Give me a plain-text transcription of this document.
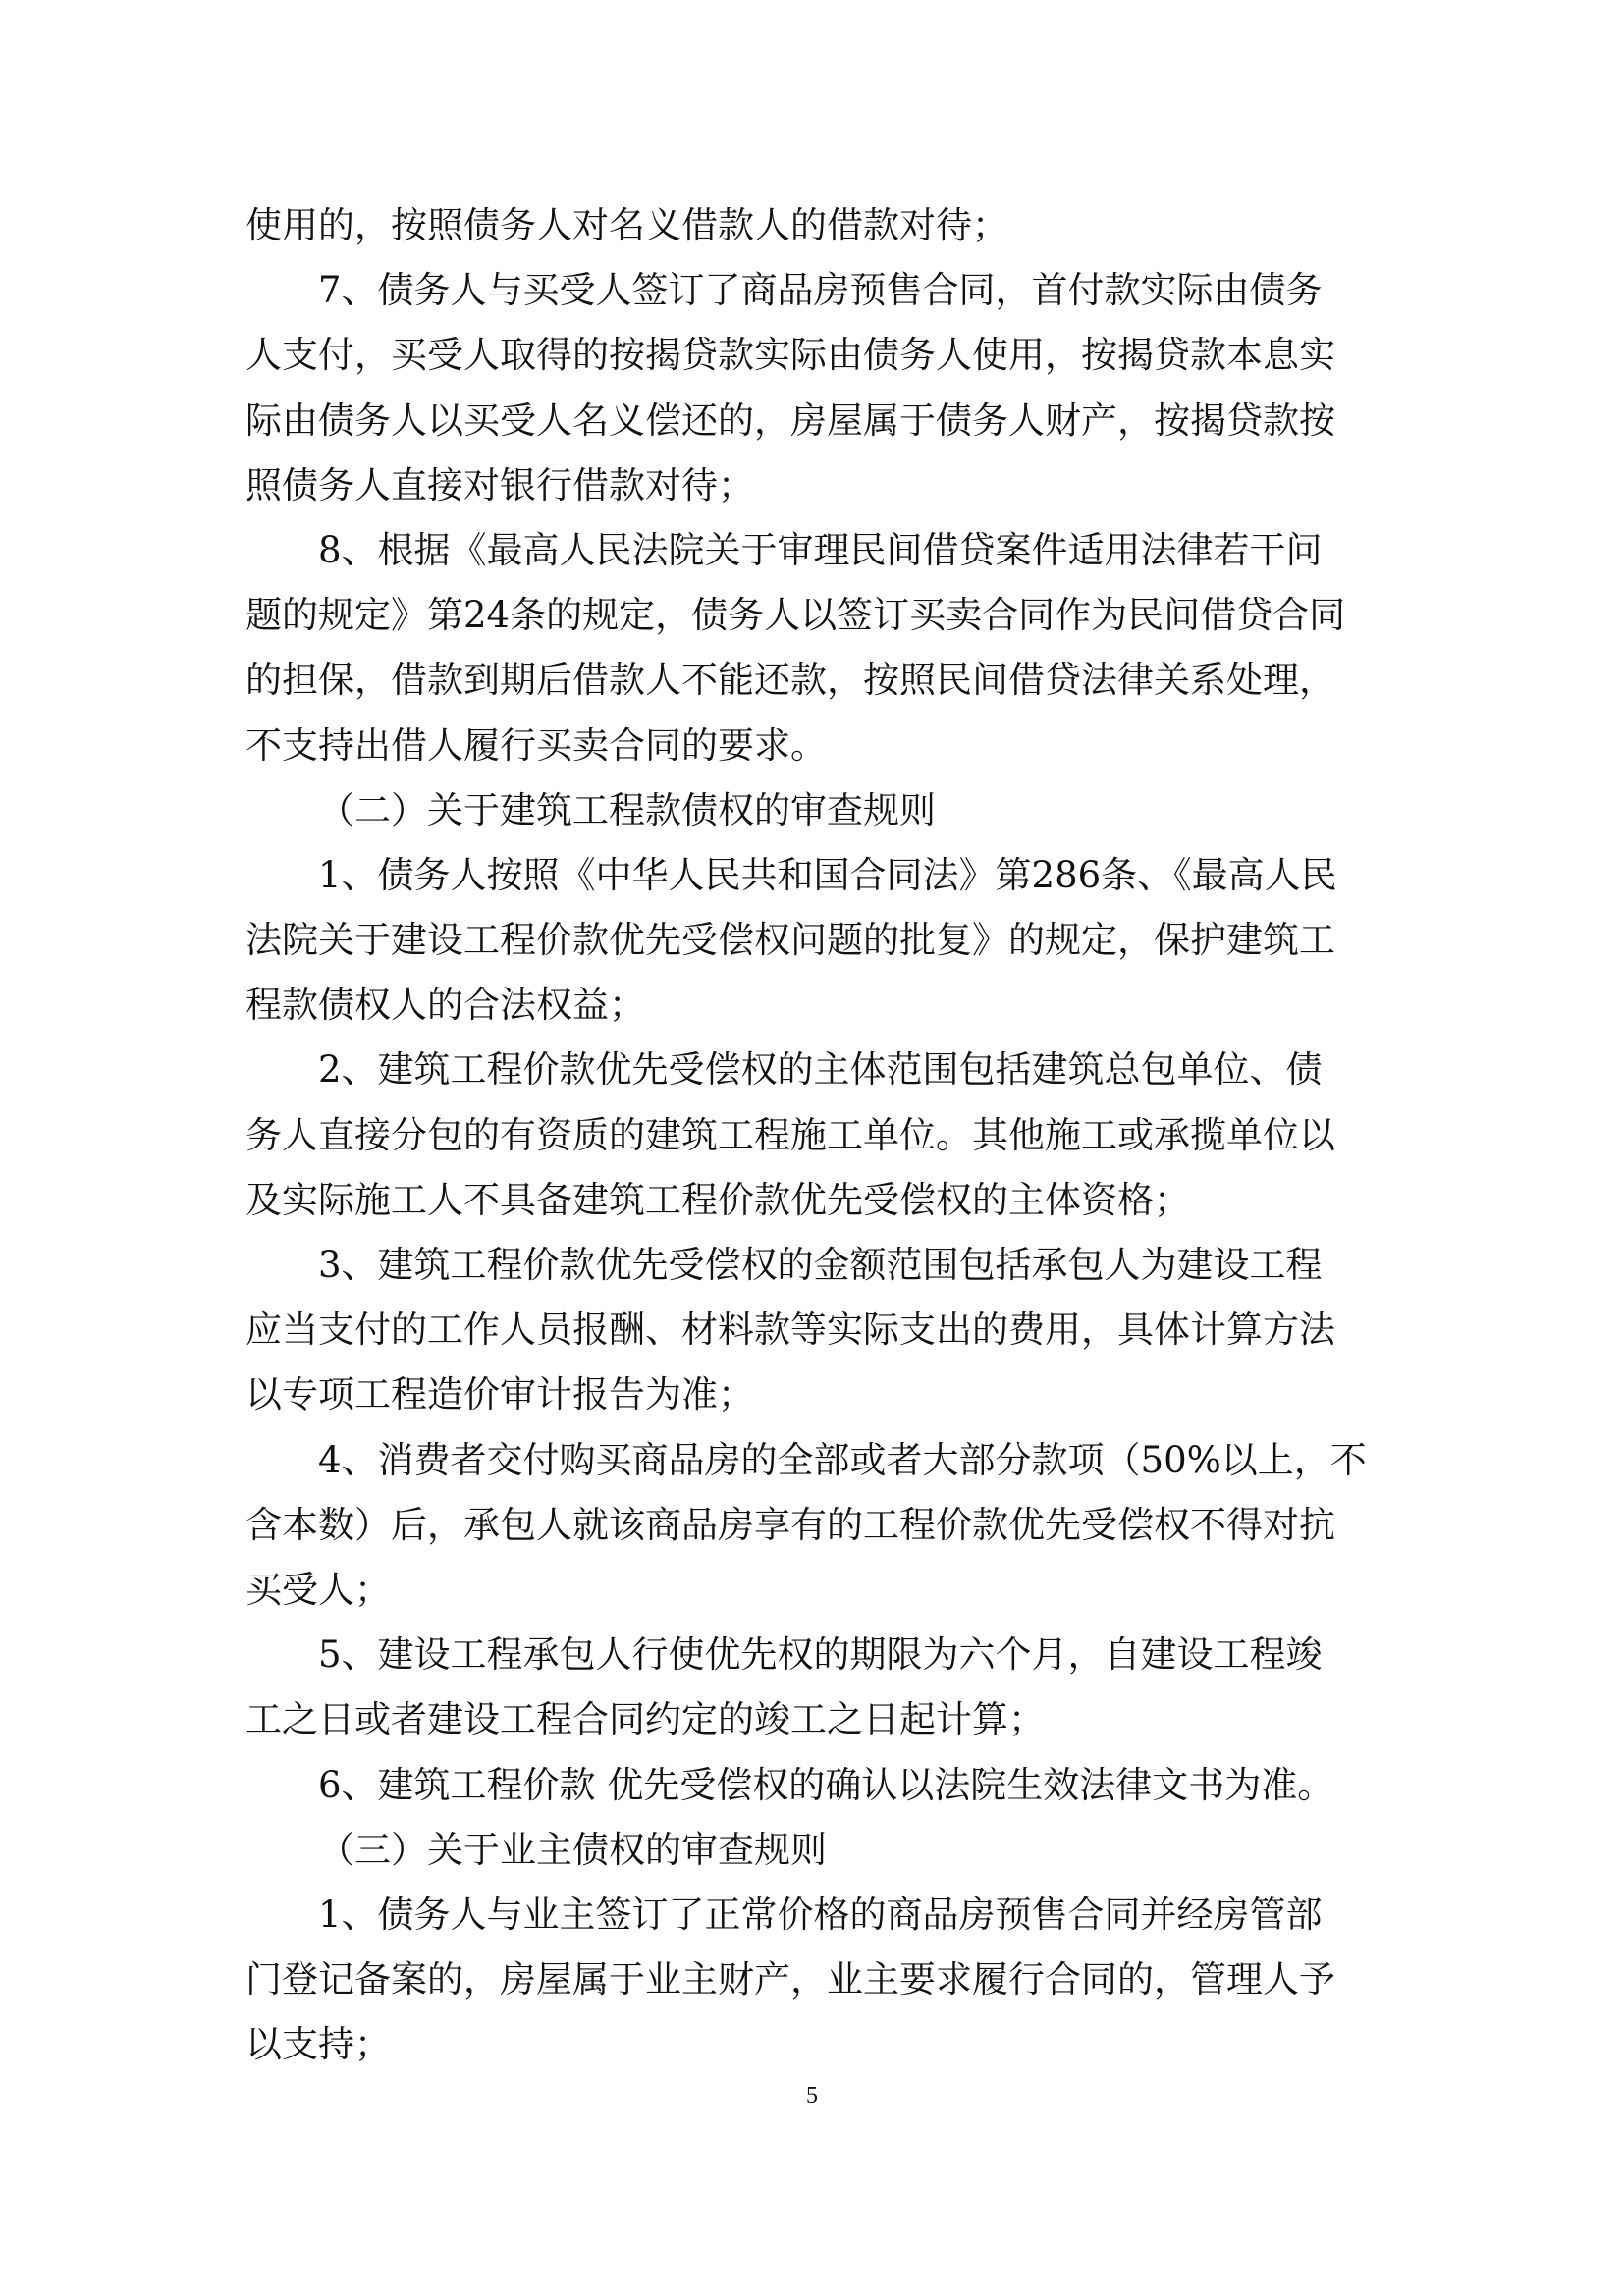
使用的，按照债务人对名义借款人的借款对待；
7、债务人与买受人签订了商品房预售合同，首付款实际由债务
人支付，买受人取得的按揭贷款实际由债务人使用，按揭贷款本息实
际由债务人以买受人名义偿还的，房屋属于债务人财产，按揭贷款按
照债务人直接对银行借款对待；
8、根据《最高人民法院关于审理民间借贷案件适用法律若干问
题的规定》第24条的规定，债务人以签订买卖合同作为民间借贷合同
的担保，借款到期后借款人不能还款，按照民间借贷法律关系处理，
不支持出借人履行买卖合同的要求。
（二）关于建筑工程款债权的审查规则
1、债务人按照《中华人民共和国合同法》第286条、《最高人民
法院关于建设工程价款优先受偿权问题的批复》的规定，保护建筑工
程款债权人的合法权益；
2、建筑工程价款优先受偿权的主体范围包括建筑总包单位、债
务人直接分包的有资质的建筑工程施工单位。其他施工或承揽单位以
及实际施工人不具备建筑工程价款优先受偿权的主体资格；
3、建筑工程价款优先受偿权的金额范围包括承包人为建设工程
应当支付的工作人员报酬、材料款等实际支出的费用，具体计算方法
以专项工程造价审计报告为准；
4、消费者交付购买商品房的全部或者大部分款项（50%以上，不
含本数）后，承包人就该商品房享有的工程价款优先受偿权不得对抗
买受人；
5、建设工程承包人行使优先权的期限为六个月，自建设工程竣
工之日或者建设工程合同约定的竣工之日起计算；
6、建筑工程价款 优先受偿权的确认以法院生效法律文书为准。
（三）关于业主债权的审查规则
1、债务人与业主签订了正常价格的商品房预售合同并经房管部
门登记备案的，房屋属于业主财产，业主要求履行合同的，管理人予
以支持；
5
